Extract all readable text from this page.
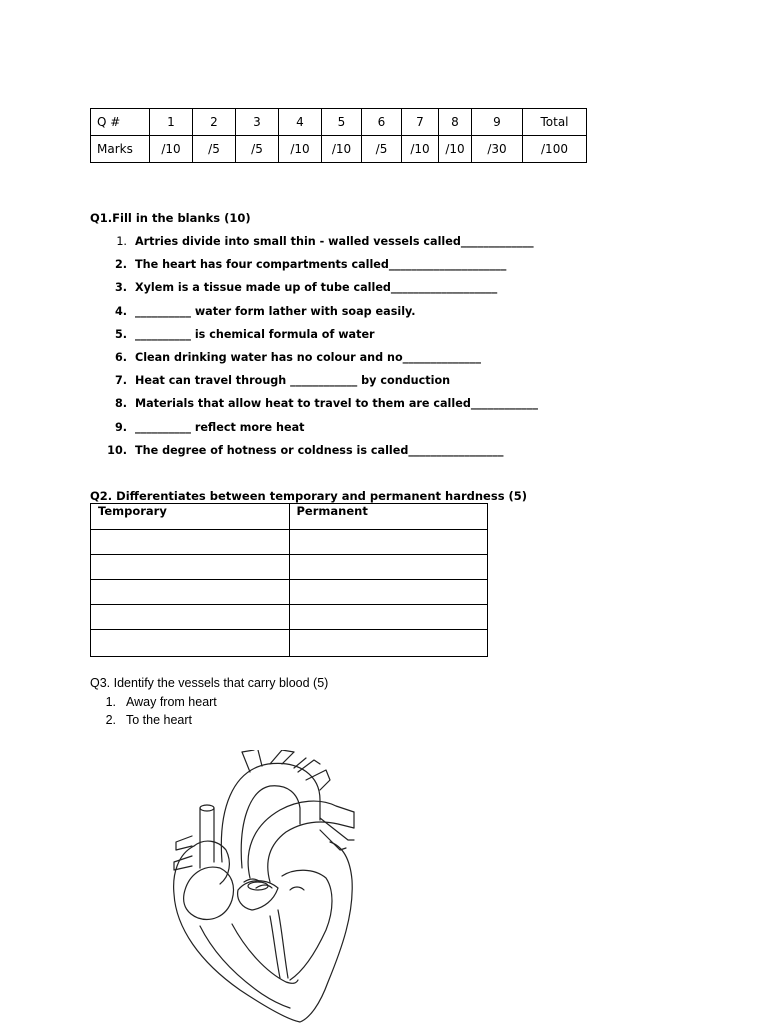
Q #	1	2	3	4	5	6	7	8	9	Total
Marks	/10	/5	/5	/10	/10	/5	/10	/10	/30	/100
Q1.Fill in the blanks (10)
1. Artries divide into small thin - walled vessels called_____________
2. The heart has four compartments called_____________________
3. Xylem is a tissue made up of tube called___________________
4. __________ water form lather with soap easily.
5. __________ is chemical formula of water
6. Clean drinking water has no colour and no______________
7. Heat can travel through ____________ by conduction
8. Materials that allow heat to travel to them are called____________
9. __________ reflect more heat
10. The degree of hotness or coldness is called_________________
Q2. Differentiates between temporary and permanent hardness (5)
Temporary	Permanent

Q3. Identify the vessels that carry blood (5)
1. Away from heart
2. To the heart
